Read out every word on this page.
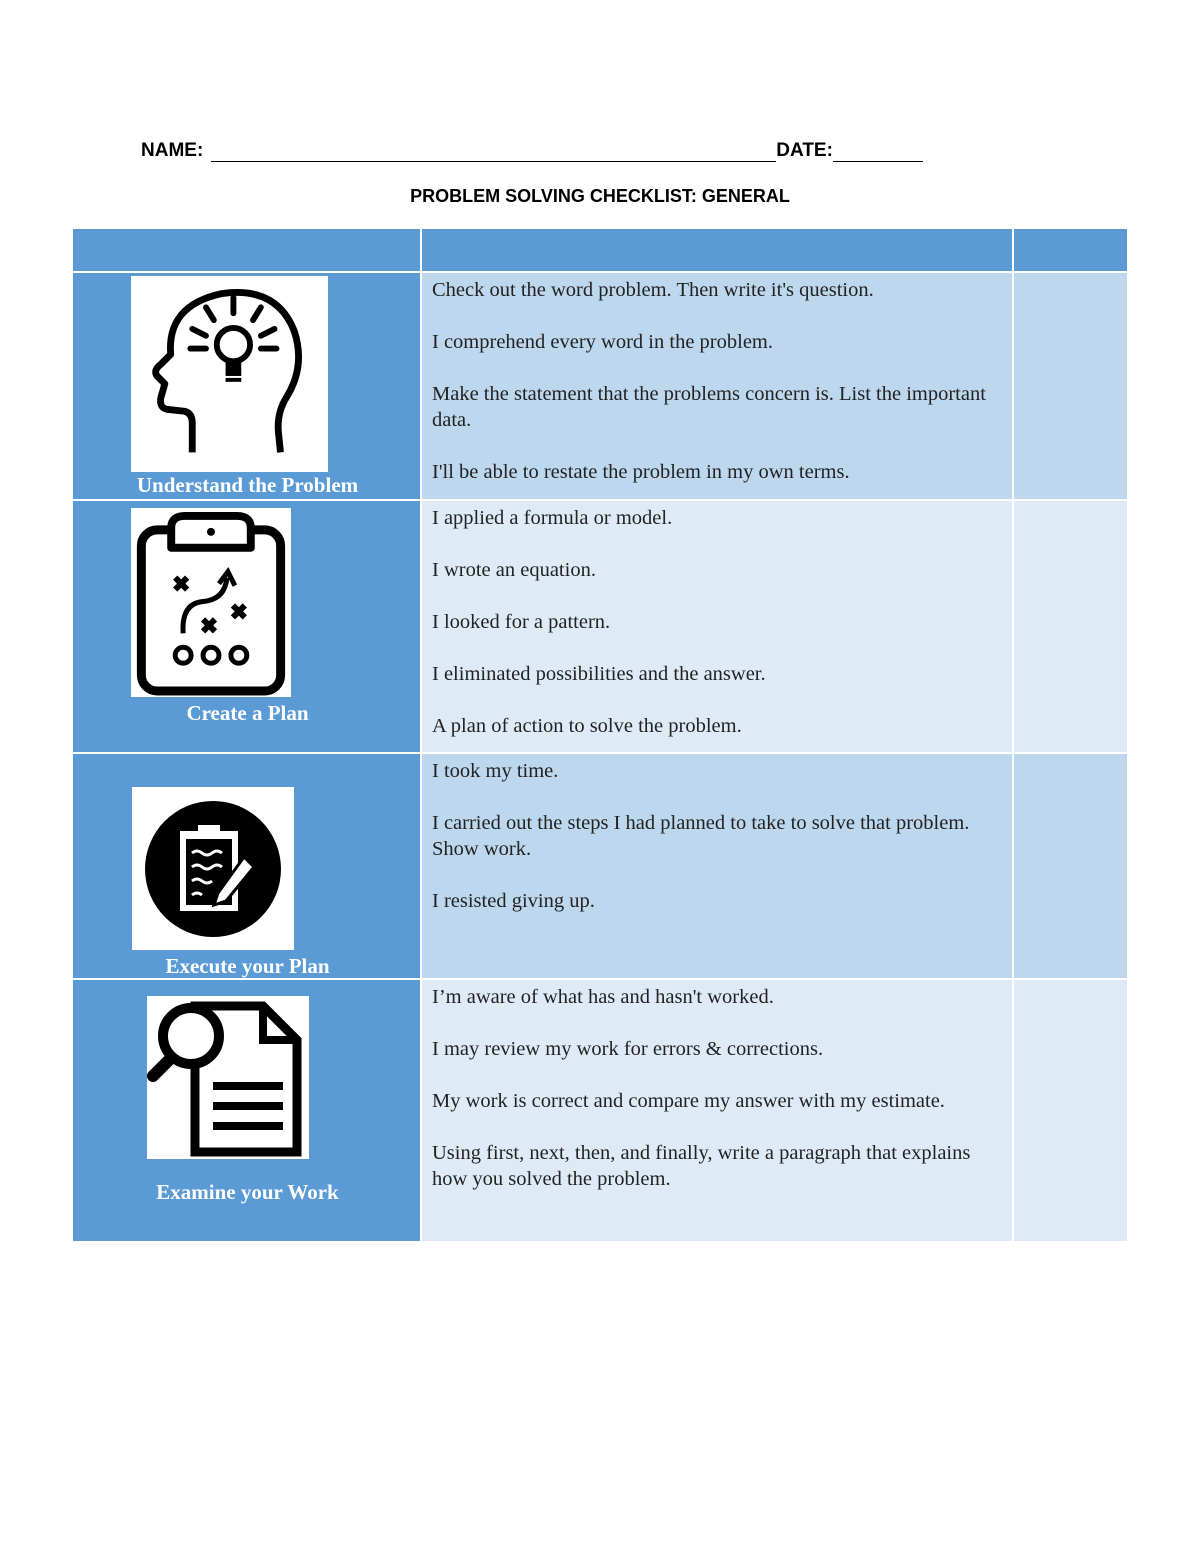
NAME:	DATE:
PROBLEM SOLVING CHECKLIST: GENERAL
Understand the Problem
Check out the word problem. Then write it's question.
I comprehend every word in the problem.
Make the statement that the problems concern is. List the important data.
I'll be able to restate the problem in my own terms.
Create a Plan
I applied a formula or model.
I wrote an equation.
I looked for a pattern.
I eliminated possibilities and the answer.
A plan of action to solve the problem.
Execute your Plan
I took my time.
I carried out the steps I had planned to take to solve that problem. Show work.
I resisted giving up.
Examine your Work
I’m aware of what has and hasn't worked.
I may review my work for errors & corrections.
My work is correct and compare my answer with my estimate.
Using first, next, then, and finally, write a paragraph that explains how you solved the problem.
